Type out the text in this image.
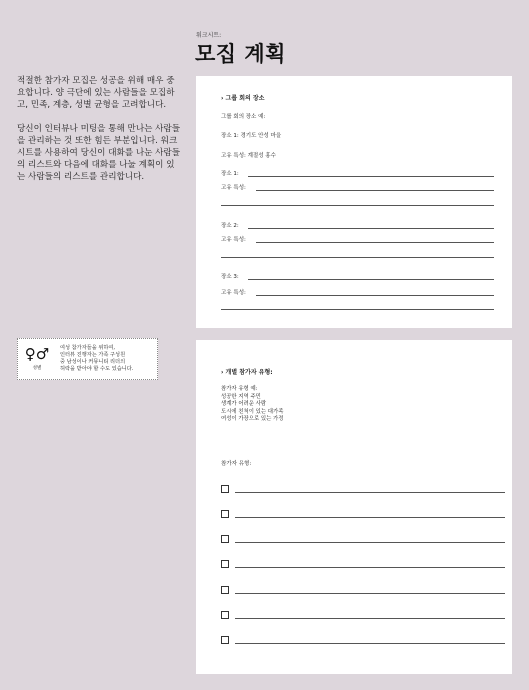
워크시트:
모집 계획

적절한 참가자 모집은 성공을 위해 매우 중요합니다. 양 극단에 있는 사람들을 모집하고, 민족, 계층, 성별 균형을 고려합니다.

당신이 인터뷰나 미팅을 통해 만나는 사람들을 관리하는 것 또한 힘든 부분입니다. 워크시트를 사용하여 당신이 대화를 나눈 사람들의 리스트와 다음에 대화를 나눌 계획이 있는 사람들의 리스트를 관리합니다.

♀♂
성별
여성 참가자들을 위하여,
인터뷰 진행자는 가족 구성원
중 남성이나 커뮤니티 리더의
허락을 받아야 할 수도 있습니다.
› 그룹 회의 장소
그룹 회의 장소 예:
장소 1: 경기도 안성 마을
고유 특성: 계절성 홍수
장소 1:
고유 특성:
장소 2:
고유 특성:
장소 3:
고유 특성:
› 개별 참가자 유형:
참가자 유형 예:
성공한 지역 주민
생계가 어려운 사람
도시에 친척이 있는 대가족
여성이 가장으로 있는 가정
참가자 유형:
